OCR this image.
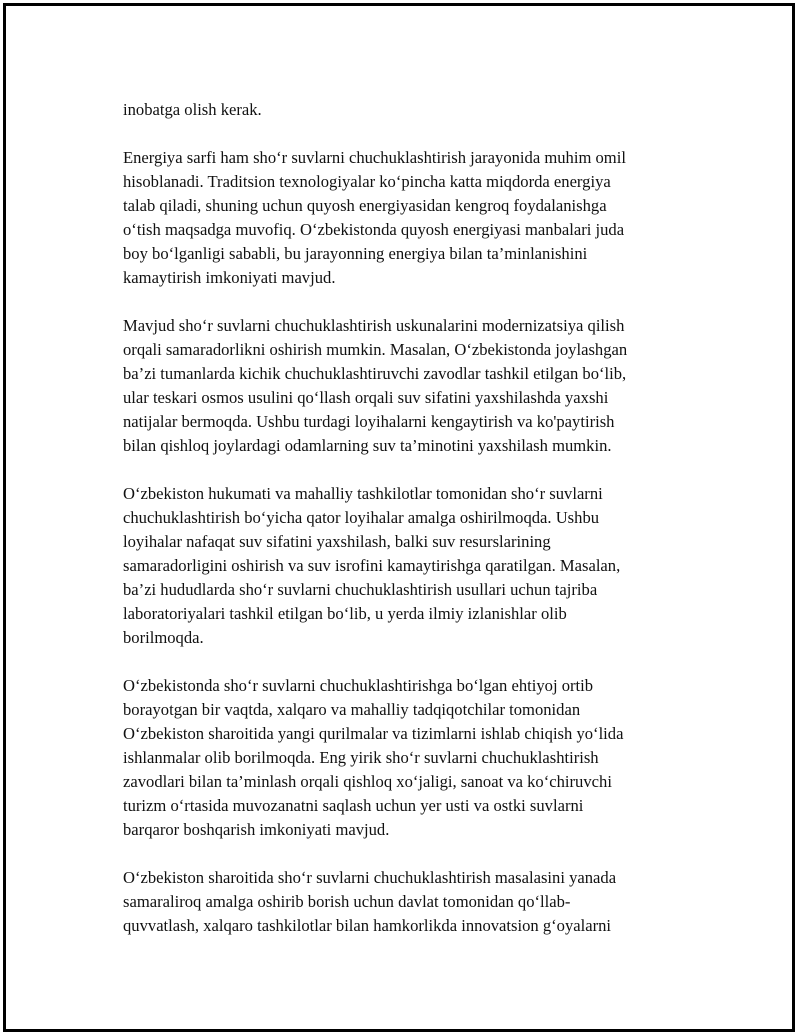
inobatga olish kerak.

Energiya sarfi ham sho‘r suvlarni chuchuklashtirish jarayonida muhim omil
hisoblanadi. Traditsion texnologiyalar ko‘pincha katta miqdorda energiya
talab qiladi, shuning uchun quyosh energiyasidan kengroq foydalanishga
o‘tish maqsadga muvofiq. O‘zbekistonda quyosh energiyasi manbalari juda
boy bo‘lganligi sababli, bu jarayonning energiya bilan ta’minlanishini
kamaytirish imkoniyati mavjud.

Mavjud sho‘r suvlarni chuchuklashtirish uskunalarini modernizatsiya qilish
orqali samaradorlikni oshirish mumkin. Masalan, O‘zbekistonda joylashgan
ba’zi tumanlarda kichik chuchuklashtiruvchi zavodlar tashkil etilgan bo‘lib,
ular teskari osmos usulini qo‘llash orqali suv sifatini yaxshilashda yaxshi
natijalar bermoqda. Ushbu turdagi loyihalarni kengaytirish va ko'paytirish
bilan qishloq joylardagi odamlarning suv ta’minotini yaxshilash mumkin.

O‘zbekiston hukumati va mahalliy tashkilotlar tomonidan sho‘r suvlarni
chuchuklashtirish bo‘yicha qator loyihalar amalga oshirilmoqda. Ushbu
loyihalar nafaqat suv sifatini yaxshilash, balki suv resurslarining
samaradorligini oshirish va suv isrofini kamaytirishga qaratilgan. Masalan,
ba’zi hududlarda sho‘r suvlarni chuchuklashtirish usullari uchun tajriba
laboratoriyalari tashkil etilgan bo‘lib, u yerda ilmiy izlanishlar olib
borilmoqda.

O‘zbekistonda sho‘r suvlarni chuchuklashtirishga bo‘lgan ehtiyoj ortib
borayotgan bir vaqtda, xalqaro va mahalliy tadqiqotchilar tomonidan
O‘zbekiston sharoitida yangi qurilmalar va tizimlarni ishlab chiqish yo‘lida
ishlanmalar olib borilmoqda. Eng yirik sho‘r suvlarni chuchuklashtirish
zavodlari bilan ta’minlash orqali qishloq xo‘jaligi, sanoat va ko‘chiruvchi
turizm o‘rtasida muvozanatni saqlash uchun yer usti va ostki suvlarni
barqaror boshqarish imkoniyati mavjud.

O‘zbekiston sharoitida sho‘r suvlarni chuchuklashtirish masalasini yanada
samaraliroq amalga oshirib borish uchun davlat tomonidan qo‘llab-
quvvatlash, xalqaro tashkilotlar bilan hamkorlikda innovatsion g‘oyalarni
